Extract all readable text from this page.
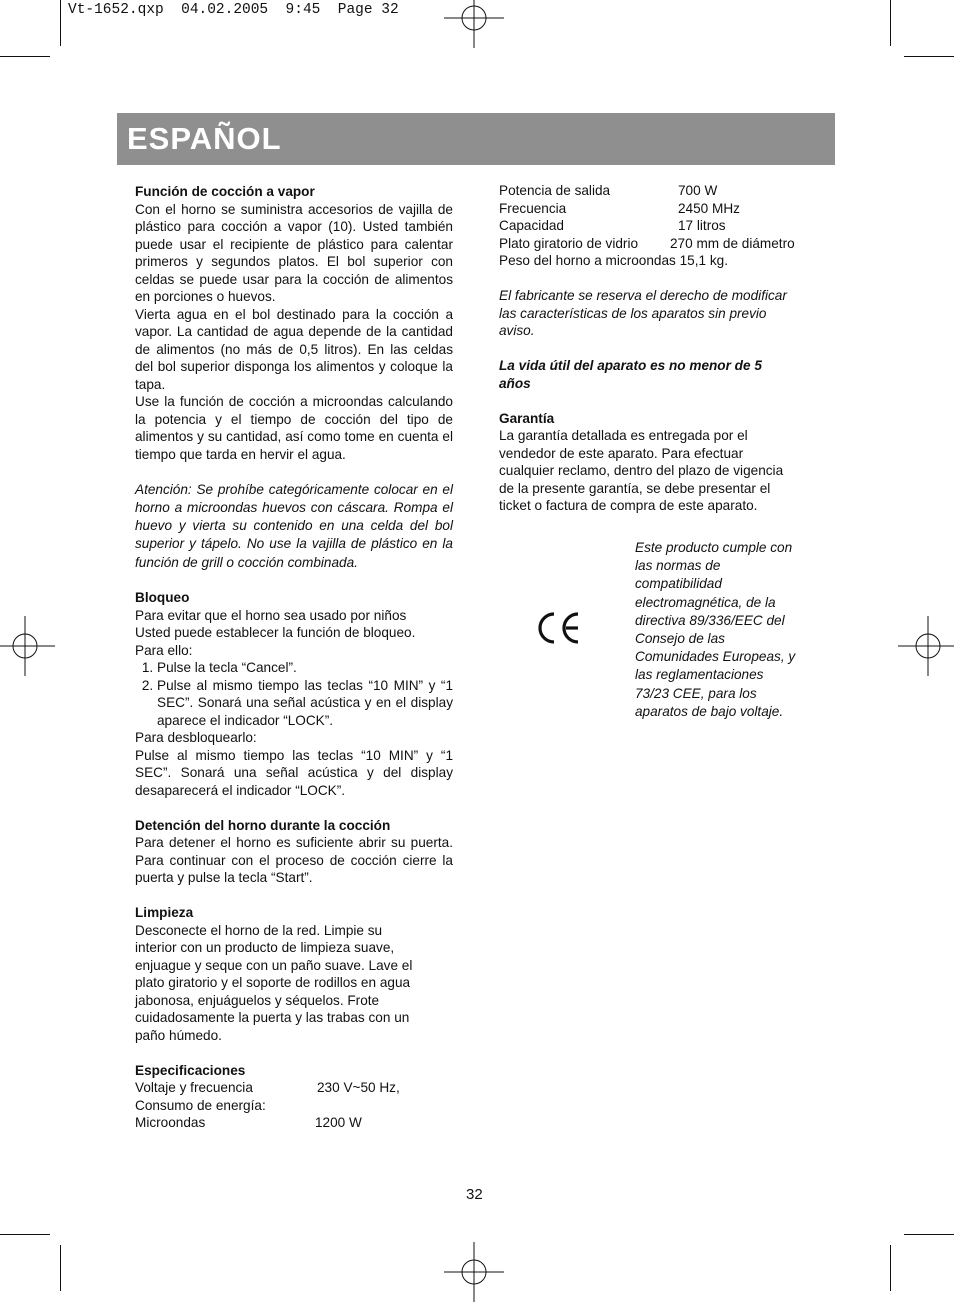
Vt-1652.qxp  04.02.2005  9:45  Page 32
ESPAÑOL

Función de cocción a vapor

Con el horno se suministra accesorios de vajilla de plástico para cocción a vapor (10). Usted también puede usar el recipiente de plástico para calentar primeros y segundos platos. El bol superior con celdas se puede usar para la cocción de alimentos en porciones o huevos.

Vierta agua en el bol destinado para la cocción a vapor. La cantidad de agua depende de la cantidad de alimentos (no más de 0,5 litros). En las celdas del bol superior disponga los alimentos y coloque la tapa.

Use la función de cocción a microondas calculando la potencia y el tiempo de cocción del tipo de alimentos y su cantidad, así como tome en cuenta el tiempo que tarda en hervir el agua.

Atención: Se prohíbe categóricamente colocar en el horno a microondas huevos con cáscara. Rompa el huevo y vierta su contenido en una celda del bol superior y tápelo. No use la vajilla de plástico en la función de grill o cocción combinada.

Bloqueo

Para evitar que el horno sea usado por niños

Usted puede establecer la función de bloqueo.

Para ello:

1. Pulse la tecla “Cancel”.
2. Pulse al mismo tiempo las teclas “10 MIN” y “1 SEC”. Sonará una señal acústica y en el display aparece el indicador “LOCK”.

Para desbloquearlo:

Pulse al mismo tiempo las teclas “10 MIN” y “1 SEC”. Sonará una señal acústica y del display desaparecerá el indicador “LOCK”.

Detención del horno durante la cocción

Para detener el horno es suficiente abrir su puerta. Para continuar con el proceso de cocción cierre la puerta y pulse la tecla “Start”.

Limpieza

Desconecte el horno de la red. Limpie su

interior con un producto de limpieza suave,

enjuague y seque con un paño suave. Lave el

plato giratorio y el soporte de rodillos en agua

jabonosa, enjuáguelos y séquelos. Frote

cuidadosamente la puerta y las trabas con un

paño húmedo.

Especificaciones

Voltaje y frecuencia	230 V~50 Hz,
Consumo de energía:
Microondas	1200 W
Potencia de salida	700 W
Frecuencia	2450 MHz
Capacidad	17 litros
Plato giratorio de vidrio	270 mm de diámetro

Peso del horno a microondas 15,1 kg.

El fabricante se reserva el derecho de modificar

las características de los aparatos sin previo

aviso.

La vida útil del aparato es no menor de 5

años

Garantía

La garantía detallada es entregada por el

vendedor de este aparato. Para efectuar

cualquier reclamo, dentro del plazo de vigencia

de la presente garantía, se debe presentar el

ticket o factura de compra de este aparato.

Este producto cumple con

las normas de

compatibilidad

electromagnética, de la

directiva 89/336/EEC del

Consejo de las

Comunidades Europeas, y

las reglamentaciones

73/23 CEE, para los

aparatos de bajo voltaje.

32
